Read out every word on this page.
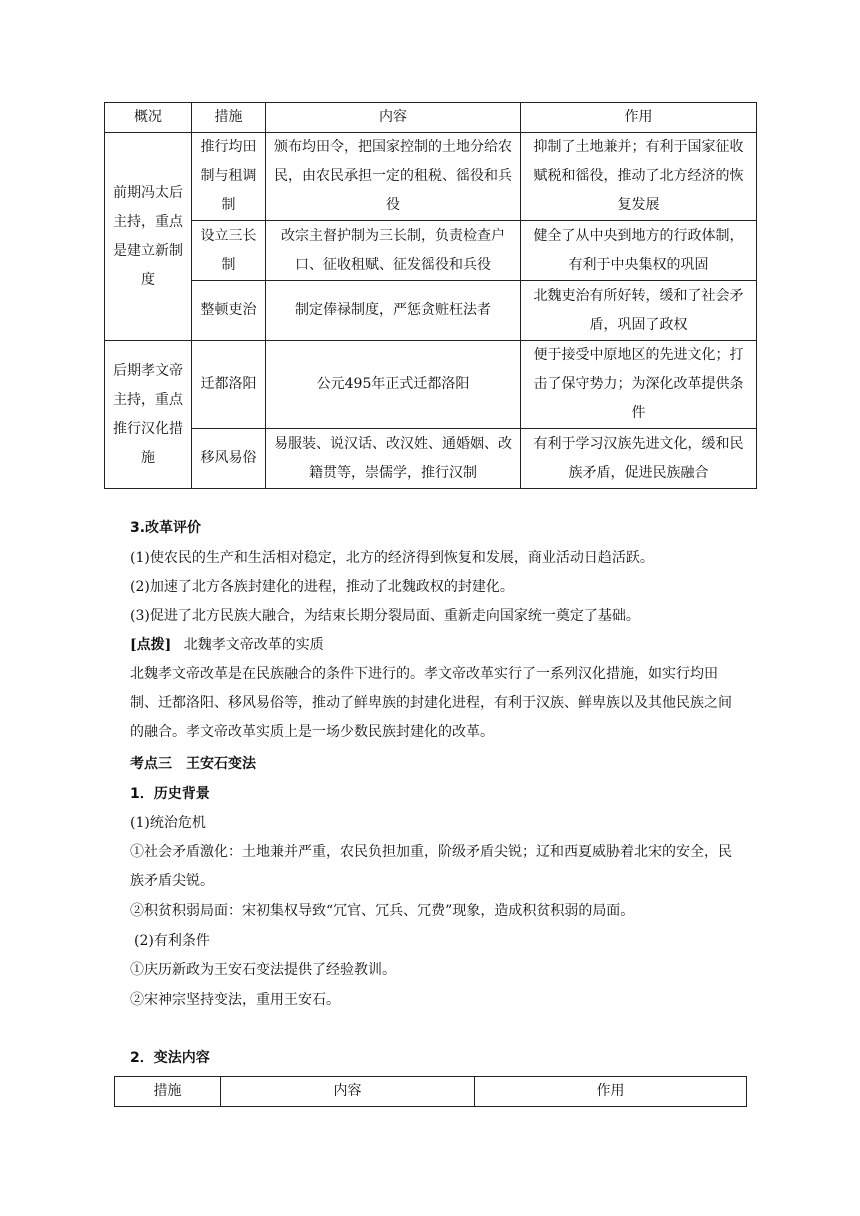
概况	措施	内容	作用
前期冯太后主持，重点是建立新制度	推行均田制与租调制	颁布均田令，把国家控制的土地分给农民，由农民承担一定的租税、徭役和兵役	抑制了土地兼并；有利于国家征收赋税和徭役，推动了北方经济的恢复发展
	设立三长制	改宗主督护制为三长制，负责检查户口、征收租赋、征发徭役和兵役	健全了从中央到地方的行政体制，有利于中央集权的巩固
	整顿吏治	制定俸禄制度，严惩贪赃枉法者	北魏吏治有所好转，缓和了社会矛盾，巩固了政权
后期孝文帝主持，重点推行汉化措施	迁都洛阳	公元495年正式迁都洛阳	便于接受中原地区的先进文化；打击了保守势力；为深化改革提供条件
	移风易俗	易服装、说汉话、改汉姓、通婚姻、改籍贯等，崇儒学，推行汉制	有利于学习汉族先进文化，缓和民族矛盾，促进民族融合
3.改革评价
(1)使农民的生产和生活相对稳定，北方的经济得到恢复和发展，商业活动日趋活跃。
(2)加速了北方各族封建化的进程，推动了北魏政权的封建化。
(3)促进了北方民族大融合，为结束长期分裂局面、重新走向国家统一奠定了基础。
[点拨] 北魏孝文帝改革的实质
北魏孝文帝改革是在民族融合的条件下进行的。孝文帝改革实行了一系列汉化措施，如实行均田制、迁都洛阳、移风易俗等，推动了鲜卑族的封建化进程，有利于汉族、鲜卑族以及其他民族之间的融合。孝文帝改革实质上是一场少数民族封建化的改革。
考点三　王安石变法
1．历史背景
(1)统治危机
①社会矛盾激化：土地兼并严重，农民负担加重，阶级矛盾尖锐；辽和西夏威胁着北宋的安全，民族矛盾尖锐。
②积贫积弱局面：宋初集权导致“冗官、冗兵、冗费”现象，造成积贫积弱的局面。
(2)有利条件
①庆历新政为王安石变法提供了经验教训。
②宋神宗坚持变法，重用王安石。
2．变法内容
措施	内容	作用
